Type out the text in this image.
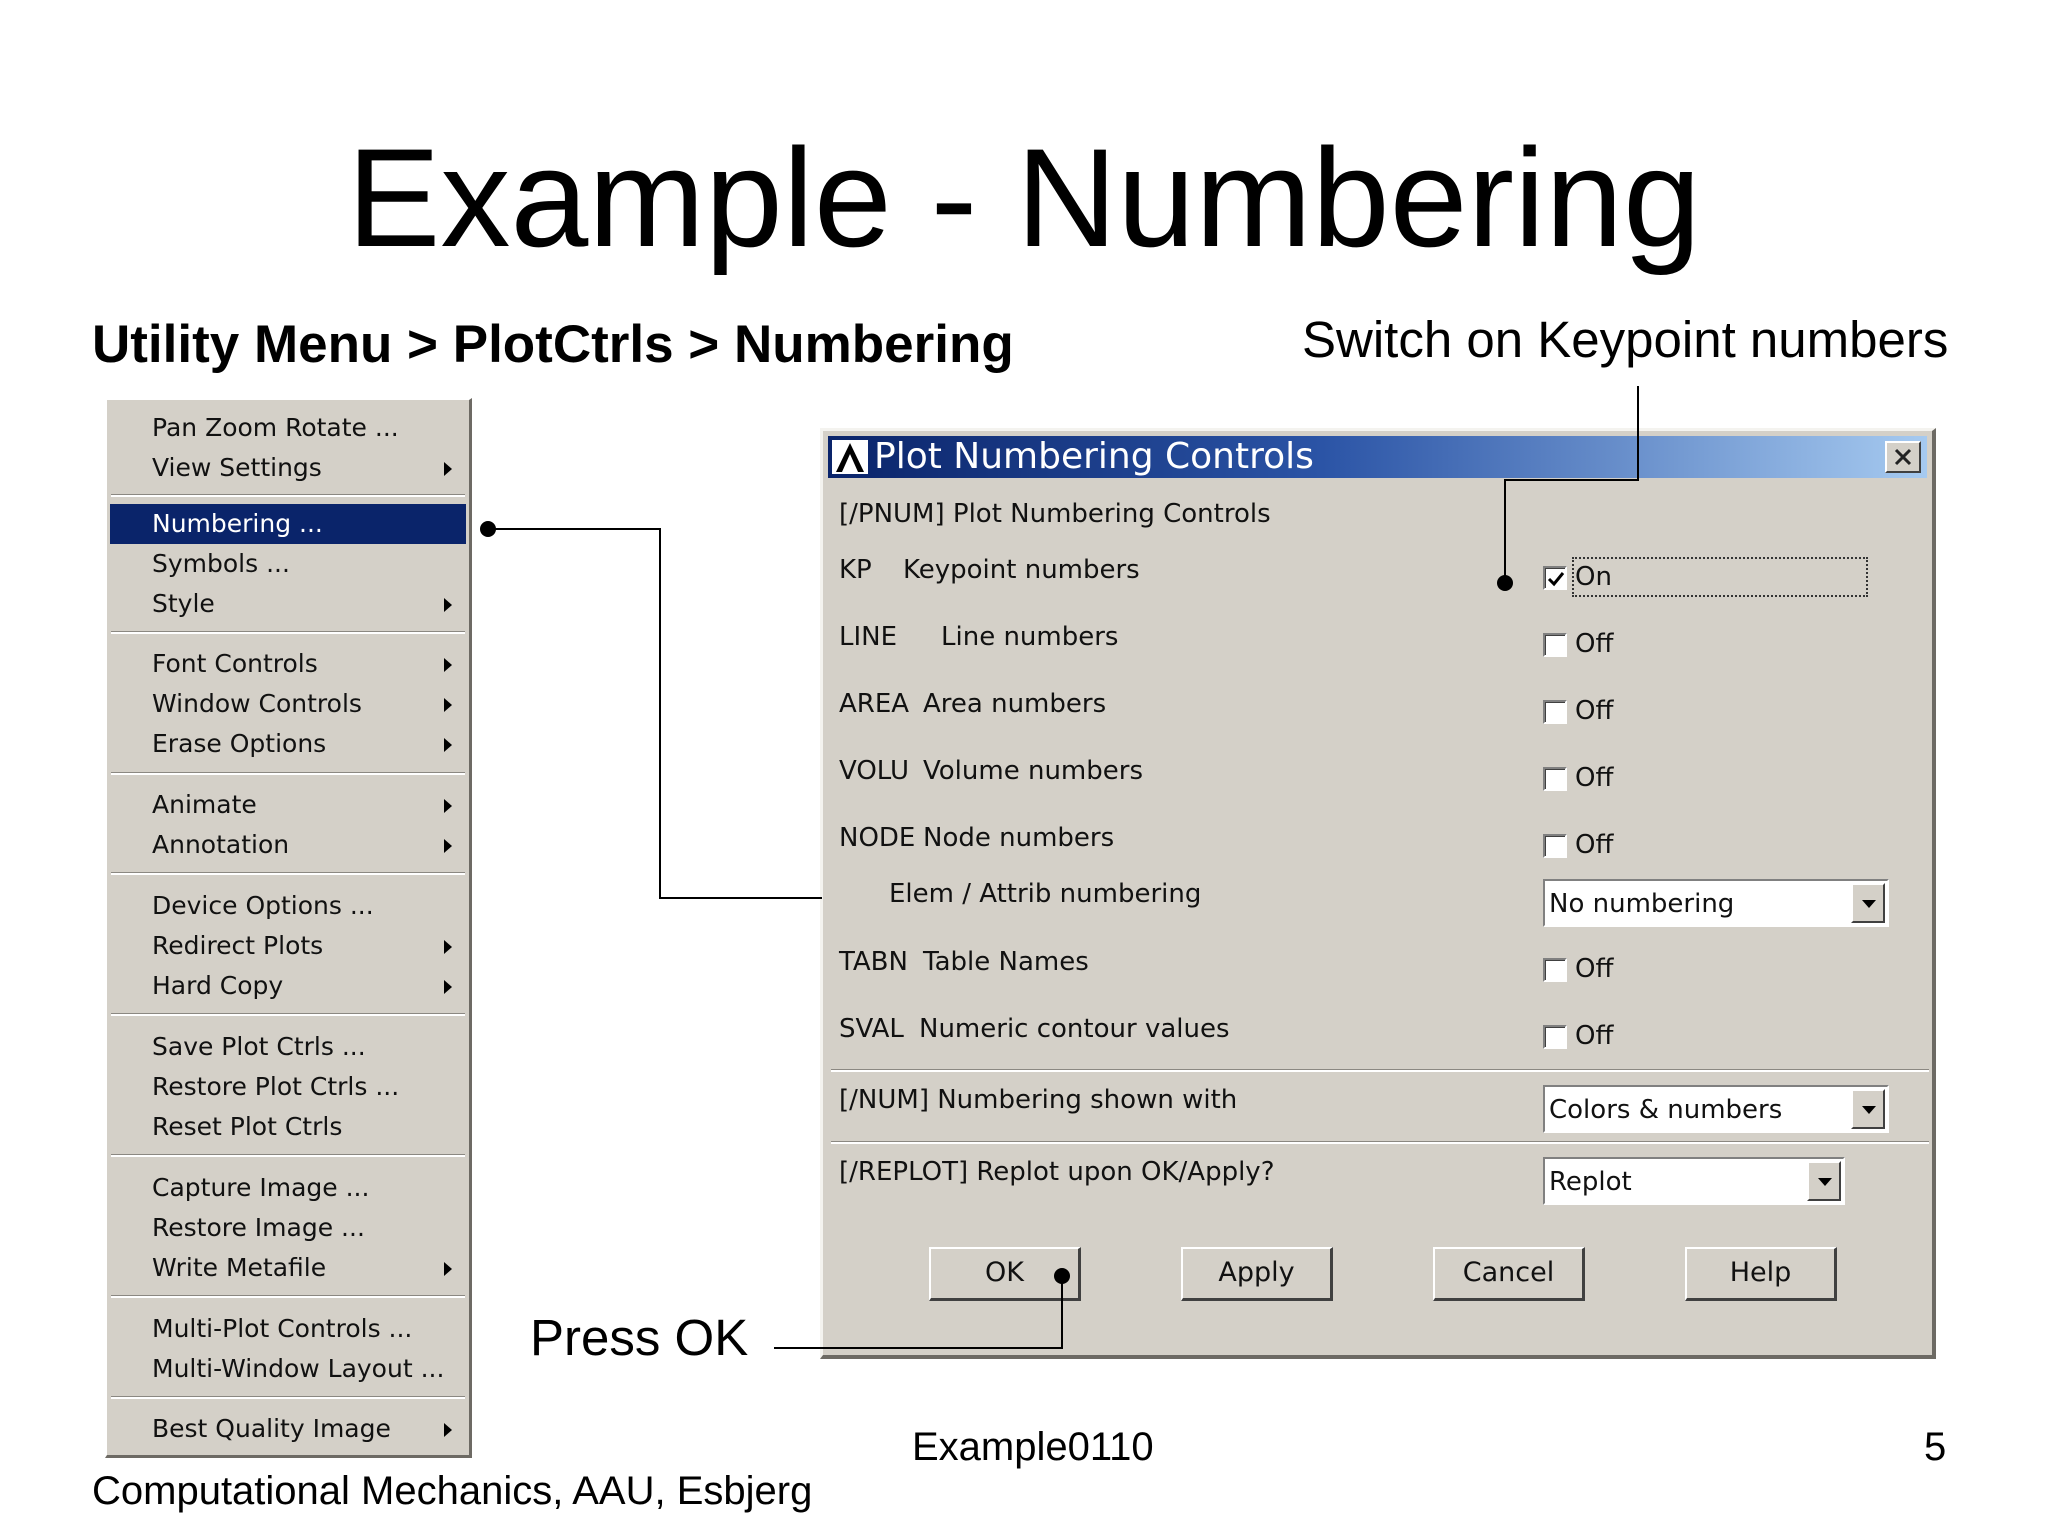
Example - Numbering
Utility Menu > PlotCtrls > Numbering	Switch on Keypoint numbers
Press OK
Computational Mechanics, AAU, Esbjerg
Example0110	5
Pan Zoom Rotate ...
View Settings
Numbering ...
Symbols ...
Style
Font Controls
Window Controls
Erase Options
Animate
Annotation
Device Options ...
Redirect Plots
Hard Copy
Save Plot Ctrls ...
Restore Plot Ctrls ...
Reset Plot Ctrls
Capture Image ...
Restore Image ...
Write Metafile
Multi-Plot Controls ...
Multi-Window Layout ...
Best Quality Image
Plot Numbering Controls
[/PNUM] Plot Numbering Controls
KP Keypoint numbers	On
LINE Line numbers	Off
AREA Area numbers	Off
VOLU Volume numbers	Off
NODE Node numbers	Off
Elem / Attrib numbering	No numbering
TABN Table Names	Off
SVAL Numeric contour values	Off
[/NUM] Numbering shown with	Colors & numbers
[/REPLOT] Replot upon OK/Apply?	Replot
OK	Apply	Cancel	Help
